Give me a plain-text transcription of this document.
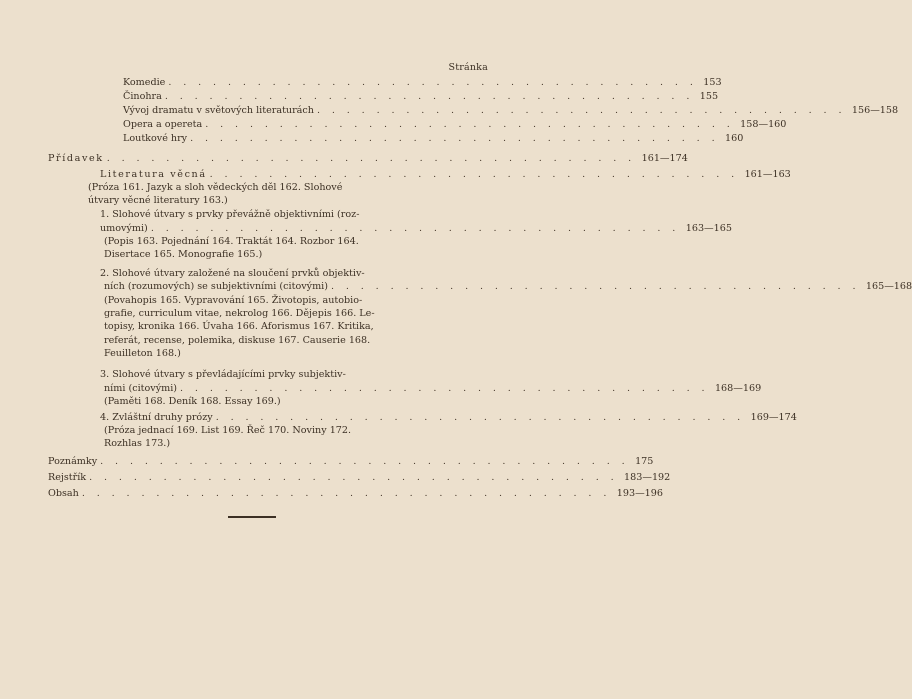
Stránka
Komedie . . . . . . . . . . . . . . . . . . . . . . . . . . . . . . . . . . . . 153
Činohra . . . . . . . . . . . . . . . . . . . . . . . . . . . . . . . . . . . . 155
Vývoj dramatu v světových literaturách . . . . . . . . . . . . . . . . . . . . . . . . . . . . . . . . . . . . 156—158
Opera a opereta . . . . . . . . . . . . . . . . . . . . . . . . . . . . . . . . . . . . 158—160
Loutkové hry . . . . . . . . . . . . . . . . . . . . . . . . . . . . . . . . . . . . 160
Přídavek . . . . . . . . . . . . . . . . . . . . . . . . . . . . . . . . . . . . 161—174
Literatura věcná . . . . . . . . . . . . . . . . . . . . . . . . . . . . . . . . . . . . 161—163
(Próza 161. Jazyk a sloh vědeckých děl 162. Slohové
útvary věcné literatury 163.)
1. Slohové útvary s prvky převážně objektivními (roz-
umovými) . . . . . . . . . . . . . . . . . . . . . . . . . . . . . . . . . . . . 163—165
(Popis 163. Pojednání 164. Traktát 164. Rozbor 164.
Disertace 165. Monografie 165.)
2. Slohové útvary založené na sloučení prvků objektiv-
ních (rozumových) se subjektivními (citovými) . . . . . . . . . . . . . . . . . . . . . . . . . . . . . . . . . . . . 165—168
(Povahopis 165. Vypravování 165. Životopis, autobio-
grafie, curriculum vitae, nekrolog 166. Dějepis 166. Le-
topisy, kronika 166. Úvaha 166. Aforismus 167. Kritika,
referát, recense, polemika, diskuse 167. Causerie 168.
Feuilleton 168.)
3. Slohové útvary s převládajícími prvky subjektiv-
ními (citovými) . . . . . . . . . . . . . . . . . . . . . . . . . . . . . . . . . . . . 168—169
(Paměti 168. Deník 168. Essay 169.)
4. Zvláštní druhy prózy . . . . . . . . . . . . . . . . . . . . . . . . . . . . . . . . . . . . 169—174
(Próza jednací 169. List 169. Řeč 170. Noviny 172.
Rozhlas 173.)
Poznámky . . . . . . . . . . . . . . . . . . . . . . . . . . . . . . . . . . . . 175
Rejstřík . . . . . . . . . . . . . . . . . . . . . . . . . . . . . . . . . . . . 183—192
Obsah . . . . . . . . . . . . . . . . . . . . . . . . . . . . . . . . . . . . 193—196
